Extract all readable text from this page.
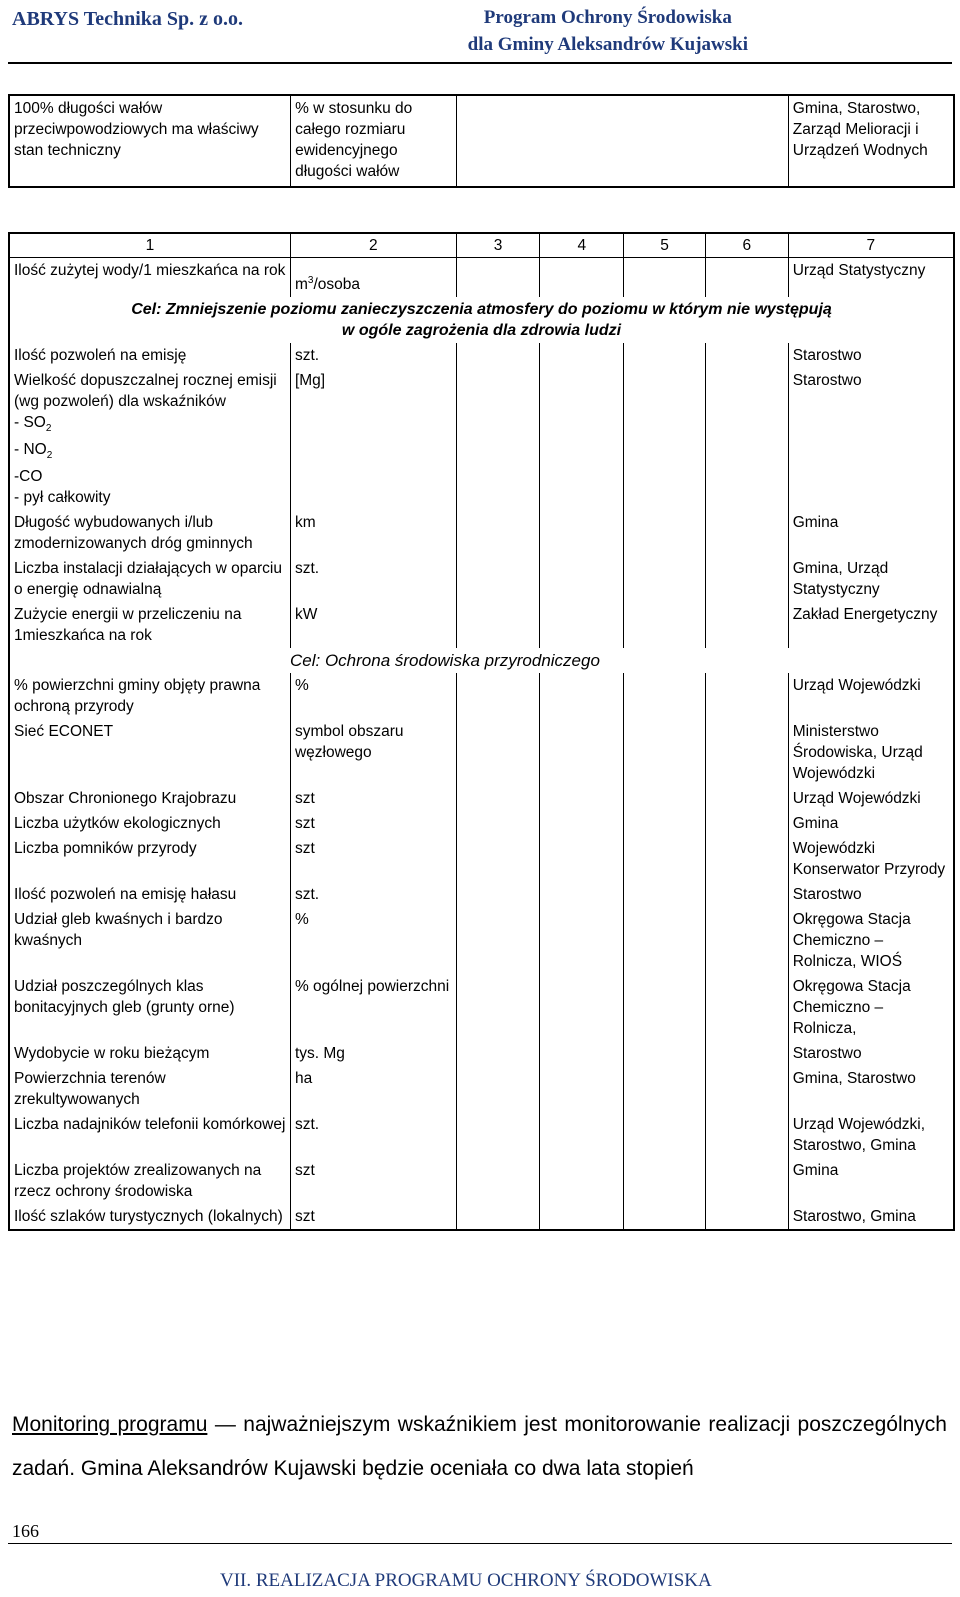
ABRYS Technika Sp. z o.o.	Program Ochrony Środowiska
dla Gminy Aleksandrów Kujawski
100% długości wałów przeciwpowodziowych ma właściwy stan techniczny	% w stosunku do całego rozmiaru ewidencyjnego długości wałów		Gmina, Starostwo, Zarząd Melioracji i Urządzeń Wodnych
1	2	3	4	5	6	7
Ilość zużytej wody/1 mieszkańca na rok	$m^3$/osoba					Urząd Statystyczny

Cel: Zmniejszenie poziomu zanieczyszczenia atmosfery do poziomu w którym nie występują
w ogóle zagrożenia dla zdrowia ludzi						

Ilość pozwoleń na emisję	szt.					Starostwo

Wielkość dopuszczalnej rocznej emisji (wg pozwoleń) dla wskaźników
- $SO_2$
- $NO_2$
-CO
- pył całkowity	[Mg]					Starostwo
Długość wybudowanych i/lub zmodernizowanych dróg gminnych	km					Gmina
Liczba instalacji działających w oparciu o energię odnawialną	szt.					Gmina, Urząd Statystyczny
Zużycie energii w przeliczeniu na 1mieszkańca na rok	kW					Zakład Energetyczny
Cel: Ochrona środowiska przyrodniczego						
% powierzchni gminy objęty prawna ochroną przyrody	%					Urząd Wojewódzki
Sieć ECONET	symbol obszaru węzłowego					Ministerstwo Środowiska, Urząd Wojewódzki
Obszar Chronionego Krajobrazu	szt					Urząd Wojewódzki
Liczba użytków ekologicznych	szt					Gmina
Liczba pomników przyrody	szt					Wojewódzki Konserwator Przyrody
Ilość pozwoleń na emisję hałasu	szt.					Starostwo
Udział gleb kwaśnych i bardzo kwaśnych	%					Okręgowa Stacja Chemiczno – Rolnicza, WIOŚ
Udział poszczególnych klas bonitacyjnych gleb (grunty orne)	% ogólnej powierzchni					Okręgowa Stacja Chemiczno – Rolnicza,
Wydobycie w roku bieżącym	tys. Mg					Starostwo
Powierzchnia terenów zrekultywowanych	ha					Gmina, Starostwo
Liczba nadajników telefonii komórkowej	szt.					Urząd Wojewódzki, Starostwo, Gmina
Liczba projektów zrealizowanych na rzecz ochrony środowiska	szt					Gmina
Ilość szlaków turystycznych (lokalnych)	szt					Starostwo, Gmina
Monitoring programu — najważniejszym wskaźnikiem jest monitorowanie realizacji poszczególnych zadań. Gmina Aleksandrów Kujawski będzie oceniała co dwa lata stopień
166
VII. REALIZACJA PROGRAMU OCHRONY ŚRODOWISKA
